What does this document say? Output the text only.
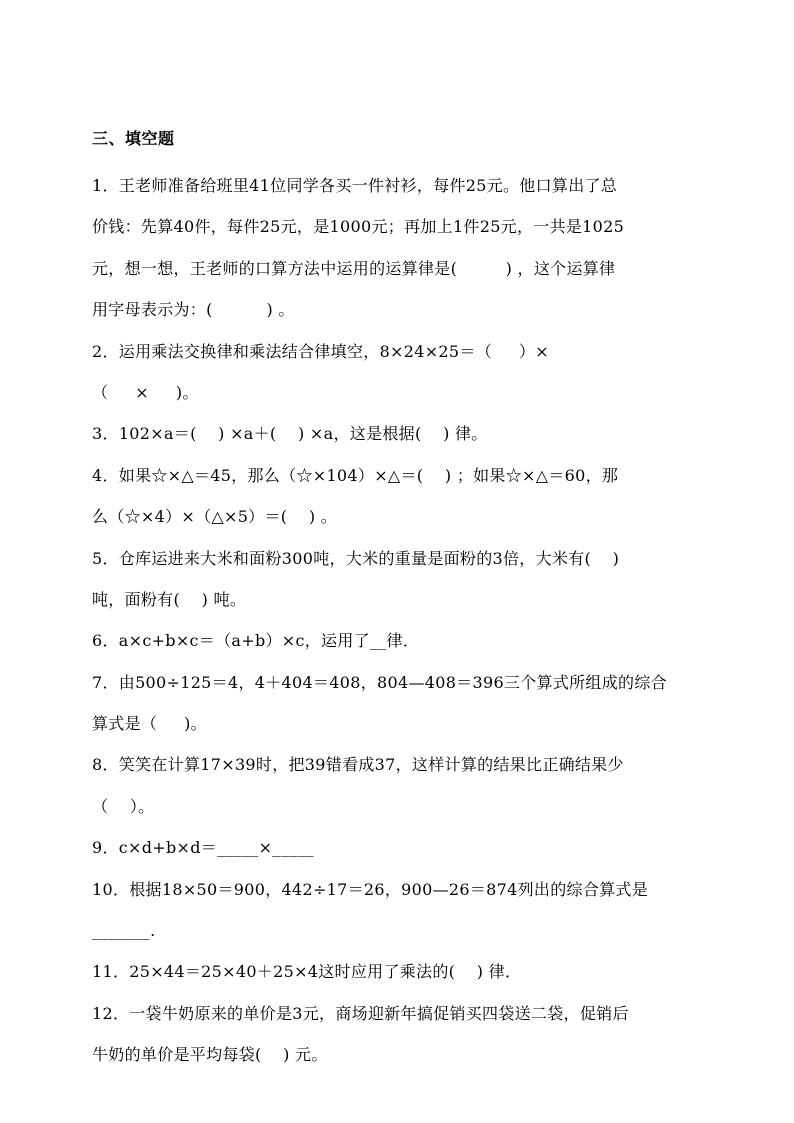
三、填空题
1．王老师准备给班里41位同学各买一件衬衫，每件25元。他口算出了总
价钱：先算40件，每件25元，是1000元；再加上1件25元，一共是1025
元，想一想，王老师的口算方法中运用的运算律是(         ) ，这个运算律
用字母表示为：(          ) 。
2．运用乘法交换律和乘法结合律填空，8×24×25＝（     ）×
（     ×     )。
3．102×a＝(    ) ×a＋(    ) ×a，这是根据(    ) 律。
4．如果☆×△＝45，那么（☆×104）×△＝(    ) ；如果☆×△＝60，那
么（☆×4）×（△×5）＝(    ) 。
5．仓库运进来大米和面粉300吨，大米的重量是面粉的3倍，大米有(    )
吨，面粉有(    ) 吨。
6．a×c+b×c＝（a+b）×c，运用了__律．
7．由500÷125＝4，4＋404＝408，804—408＝396三个算式所组成的综合
算式是（     )。
8．笑笑在计算17×39时，把39错看成37，这样计算的结果比正确结果少
（    ）。
9．c×d+b×d＝_____×_____
10．根据18×50＝900，442÷17＝26，900—26＝874列出的综合算式是
_______.
11．25×44＝25×40＋25×4这时应用了乘法的(    ) 律．
12．一袋牛奶原来的单价是3元，商场迎新年搞促销买四袋送二袋，促销后
牛奶的单价是平均每袋(    ) 元。
